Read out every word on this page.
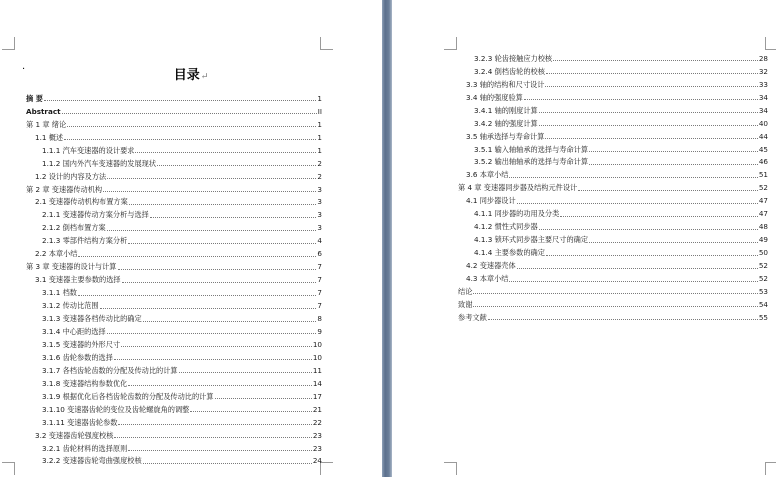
·	目录↵
摘 要	1
Abstract	II
第 1 章 绪论	1
1.1 概述	1
1.1.1 汽车变速器的设计要求	1
1.1.2 国内外汽车变速器的发展现状	2
1.2 设计的内容及方法	2
第 2 章 变速器传动机构	3
2.1 变速器传动机构布置方案	3
2.1.1 变速器传动方案分析与选择	3
2.1.2 倒档布置方案	3
2.1.3 零部件结构方案分析	4
2.2 本章小结	6
第 3 章 变速器的设计与计算	7
3.1 变速器主要参数的选择	7
3.1.1 档数	7
3.1.2 传动比范围	7
3.1.3 变速器各档传动比的确定	8
3.1.4 中心距的选择	9
3.1.5 变速器的外形尺寸	10
3.1.6 齿轮参数的选择	10
3.1.7 各档齿轮齿数的分配及传动比的计算	11
3.1.8 变速器结构参数优化	14
3.1.9 根据优化后各档齿轮齿数的分配及传动比的计算	17
3.1.10 变速器齿轮的变位及齿轮螺旋角的调整	21
3.1.11 变速器齿轮参数	22
3.2 变速器齿轮强度校核	23
3.2.1 齿轮材料的选择原则	23
3.2.2 变速器齿轮弯曲强度校核	24
3.2.3 轮齿接触应力校核	28
3.2.4 倒档齿轮的校核	32
3.3 轴的结构和尺寸设计	33
3.4 轴的强度验算	34
3.4.1 轴的刚度计算	34
3.4.2 轴的强度计算	40
3.5 轴承选择与寿命计算	44
3.5.1 输入轴轴承的选择与寿命计算	45
3.5.2 输出轴轴承的选择与寿命计算	46
3.6 本章小结	51
第 4 章 变速器同步器及结构元件设计	52
4.1 同步器设计	47
4.1.1 同步器的功用及分类	47
4.1.2 惯性式同步器	48
4.1.3 锁环式同步器主要尺寸的确定	49
4.1.4 主要参数的确定	50
4.2 变速器壳体	52
4.3 本章小结	52
结论	53
致谢	54
参考文献	55
